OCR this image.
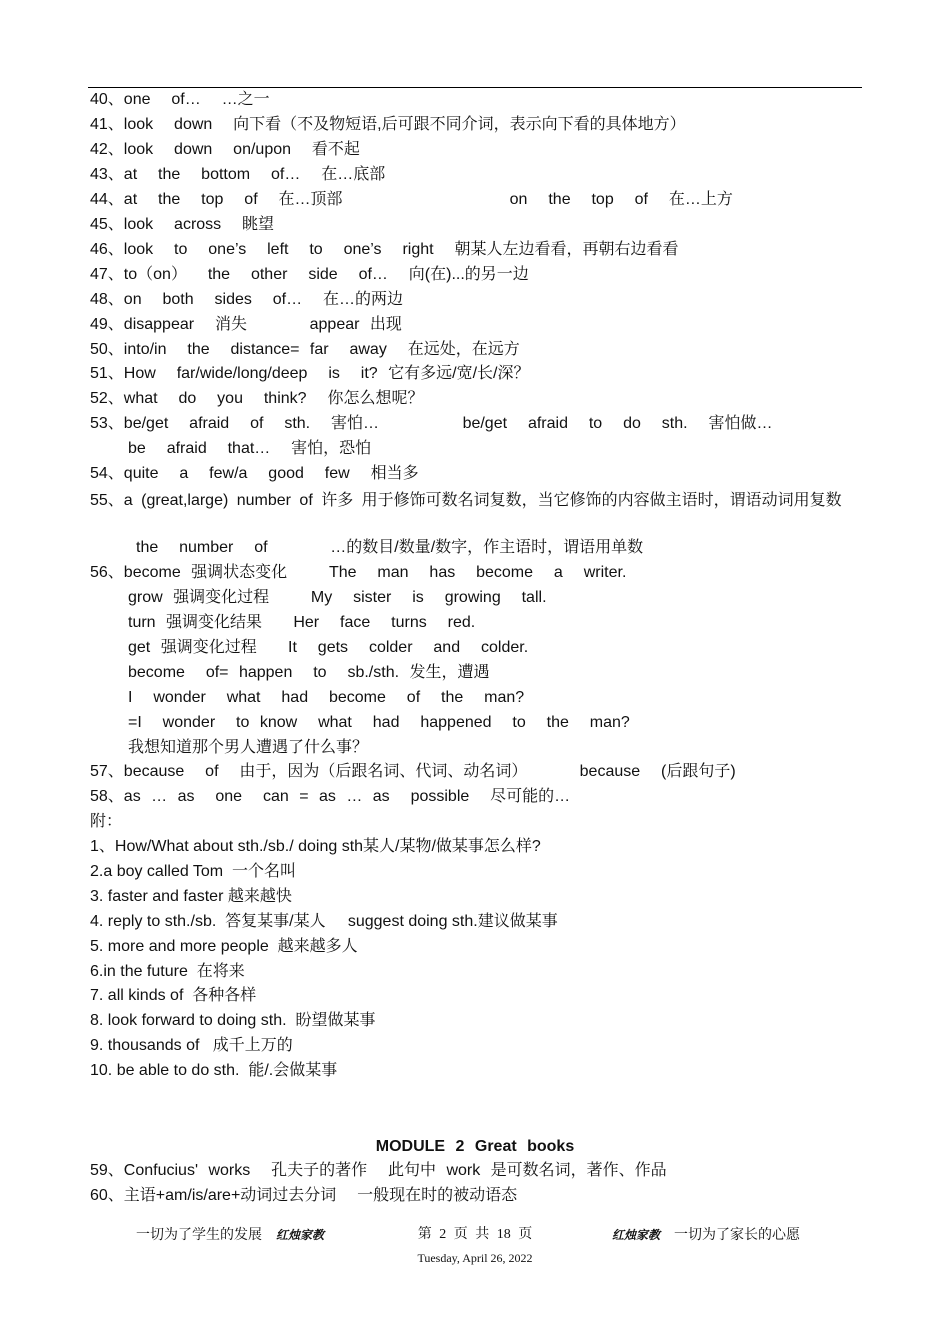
40、one  of…  …之一
41、look  down  向下看（不及物短语,后可跟不同介词，表示向下看的具体地方）
42、look  down  on/upon  看不起
43、at  the  bottom  of…  在…底部
44、at  the  top  of  在…顶部                on  the  top  of  在…上方
45、look  across  眺望
46、look  to  one’s  left  to  one’s  right  朝某人左边看看，再朝右边看看
47、to（on）  the  other  side  of…  向(在)...的另一边
48、on  both  sides  of…  在…的两边
49、disappear  消失      appear 出现
50、into/in  the  distance= far  away  在远处，在远方
51、How  far/wide/long/deep  is  it? 它有多远/宽/长/深？
52、what  do  you  think?  你怎么想呢？
53、be/get  afraid  of  sth.  害怕…        be/get  afraid  to  do  sth.  害怕做…
be  afraid  that…  害怕，恐怕
54、quite  a  few/a  good  few  相当多
55、a (great,large) number of 许多 用于修饰可数名词复数，当它修饰的内容做主语时，谓语动词用复数
the  number  of      …的数目/数量/数字，作主语时，谓语用单数
56、become 强调状态变化    The  man  has  become  a  writer.
grow 强调变化过程    My  sister  is  growing  tall.
turn 强调变化结果   Her  face  turns  red.
get 强调变化过程   It  gets  colder  and  colder.
become  of= happen  to  sb./sth. 发生，遭遇
I  wonder  what  had  become  of  the  man?
=I  wonder  to know  what  had  happened  to  the  man?
我想知道那个男人遭遇了什么事？
57、because  of  由于，因为（后跟名词、代词、动名词）     because  (后跟句子)
58、as … as  one  can = as … as  possible  尽可能的…
附：
1、How/What about sth./sb./ doing sth某人/某物/做某事怎么样?
2.a boy called Tom  一个名叫
3. faster and faster 越来越快
4. reply to sth./sb.  答复某事/某人     suggest doing sth.建议做某事
5. more and more people  越来越多人
6.in the future  在将来
7. all kinds of  各种各样
8. look forward to doing sth.  盼望做某事
9. thousands of   成千上万的
10. be able to do sth.  能/.会做某事
MODULE 2 Great books
59、Confucius' works  孔夫子的著作  此句中 work 是可数名词，著作、作品
60、主语+am/is/are+动词过去分词  一般现在时的被动语态
一切为了学生的发展 红烛家教	第 2 页 共 18 页	红烛家教 一切为了家长的心愿
Tuesday, April 26, 2022
